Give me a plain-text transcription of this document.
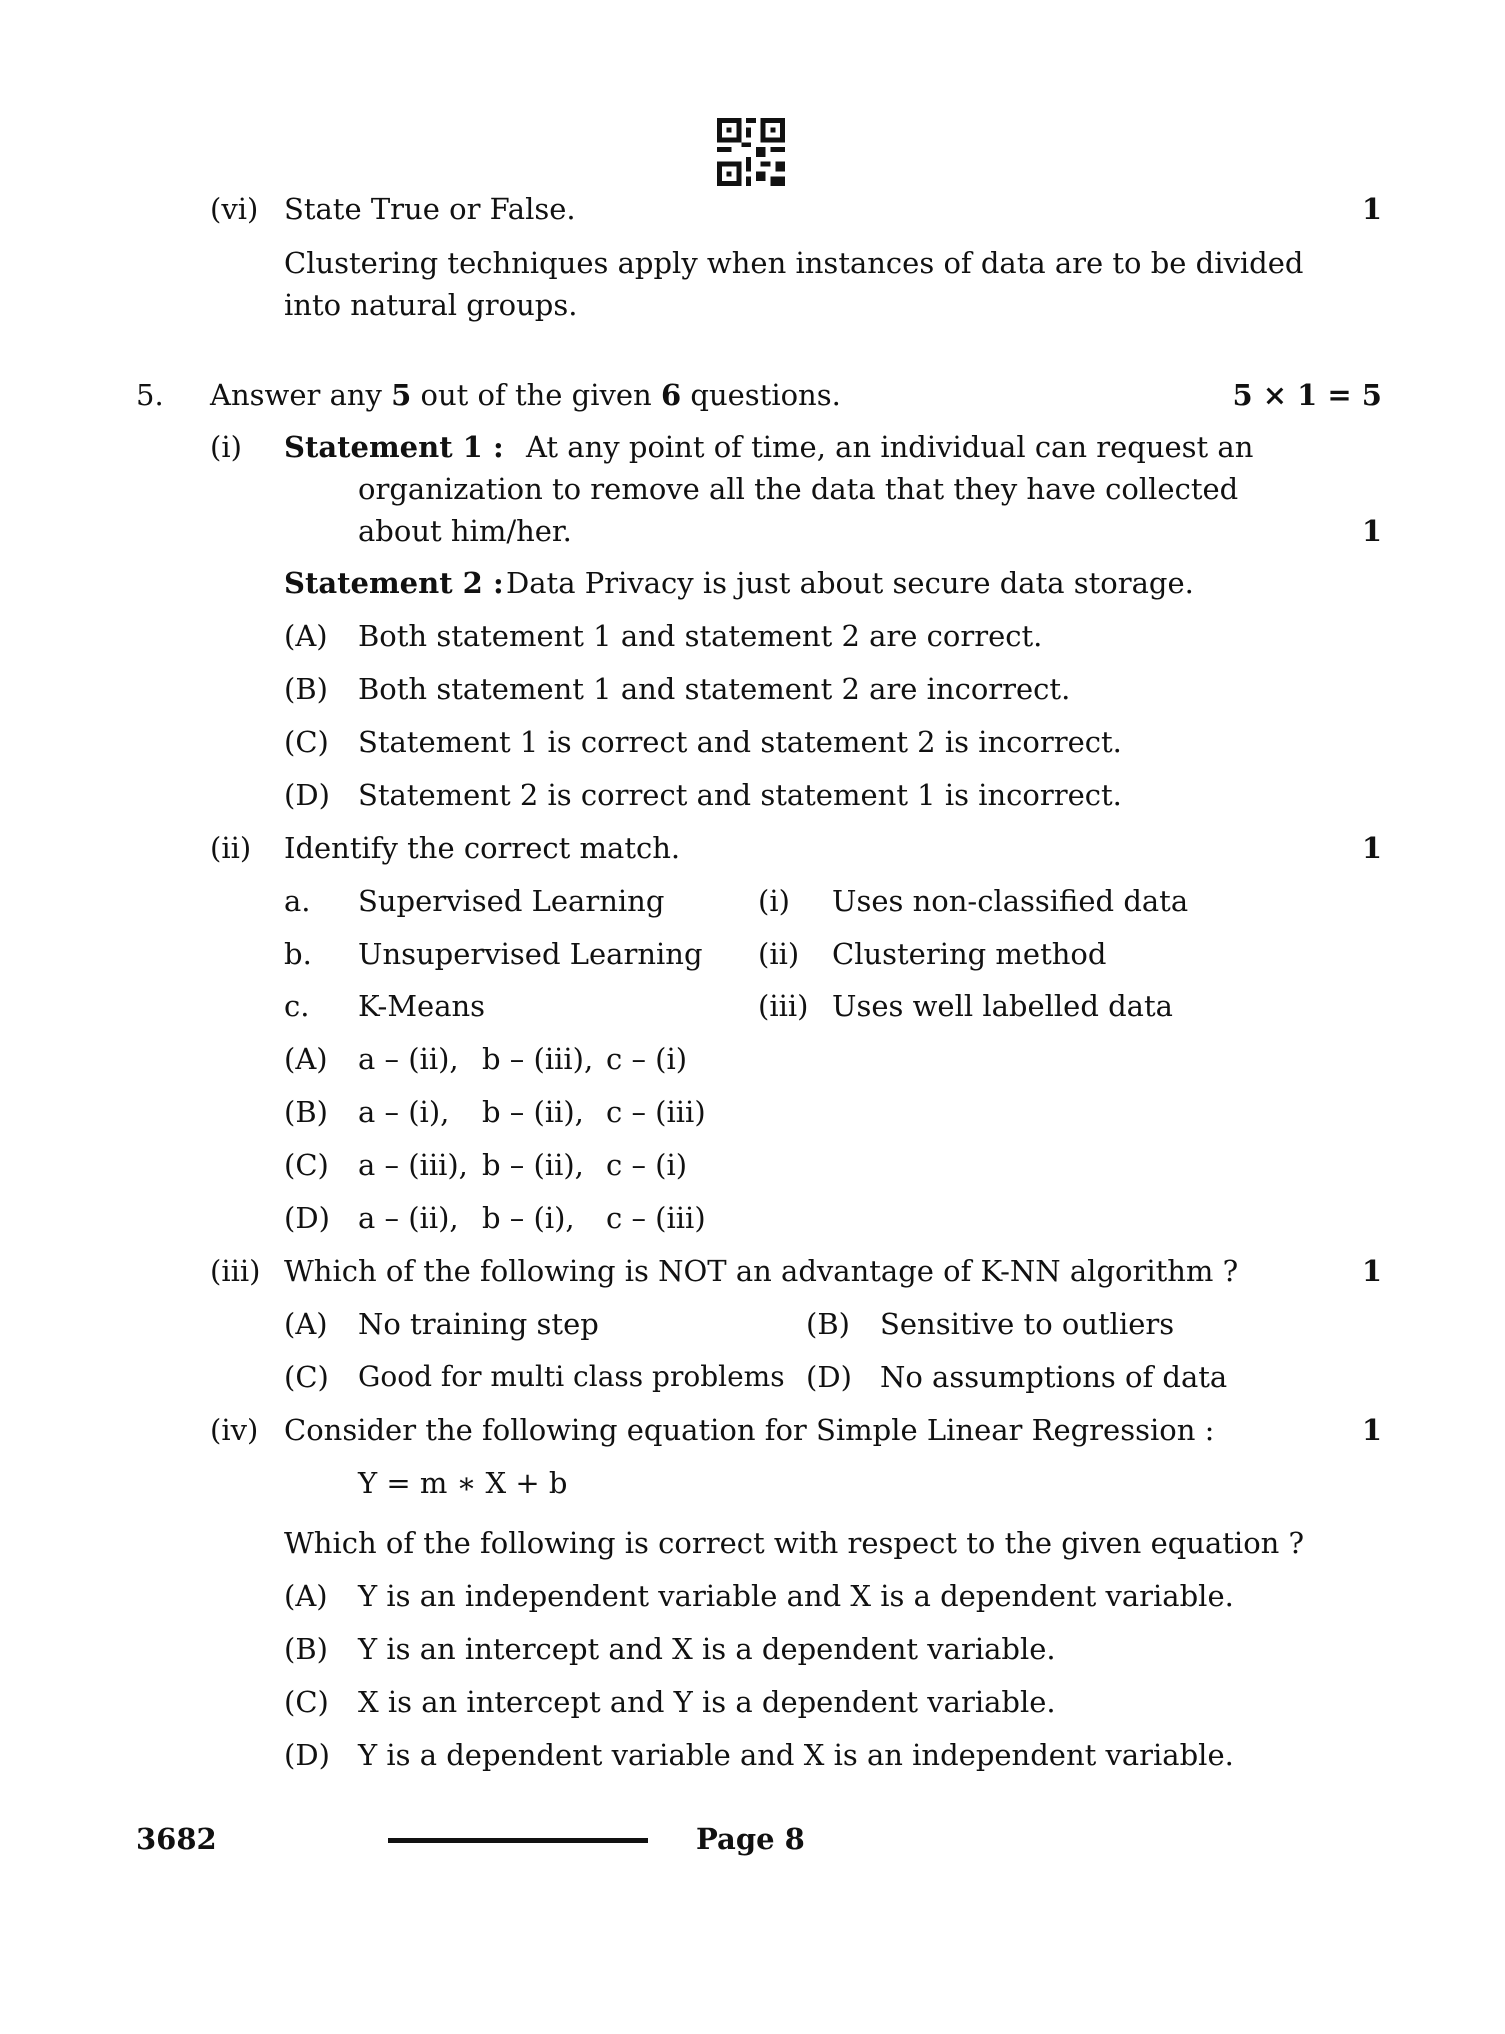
(vi) State True or False.	1
Clustering techniques apply when instances of data are to be divided
into natural groups.
5. Answer any 5 out of the given 6 questions.	5 × 1 = 5
(i) Statement 1 : At any point of time, an individual can request an
organization to remove all the data that they have collected
about him/her.	1
Statement 2 : Data Privacy is just about secure data storage.
(A) Both statement 1 and statement 2 are correct.
(B) Both statement 1 and statement 2 are incorrect.
(C) Statement 1 is correct and statement 2 is incorrect.
(D) Statement 2 is correct and statement 1 is incorrect.
(ii) Identify the correct match.	1
a. Supervised Learning	(i) Uses non-classified data
b. Unsupervised Learning (ii) Clustering method
c. K-Means	(iii) Uses well labelled data
(A) a – (ii), b – (iii), c – (i)
(B) a – (i), b – (ii), c – (iii)
(C) a – (iii), b – (ii), c – (i)
(D) a – (ii), b – (i), c – (iii)
(iii) Which of the following is NOT an advantage of K-NN algorithm ?	1
(A) No training step	(B) Sensitive to outliers
(C) Good for multi class problems (D) No assumptions of data
(iv) Consider the following equation for Simple Linear Regression :	1
Y = m ∗ X + b
Which of the following is correct with respect to the given equation ?
(A) Y is an independent variable and X is a dependent variable.
(B) Y is an intercept and X is a dependent variable.
(C) X is an intercept and Y is a dependent variable.
(D) Y is a dependent variable and X is an independent variable.
3682	Page 8
